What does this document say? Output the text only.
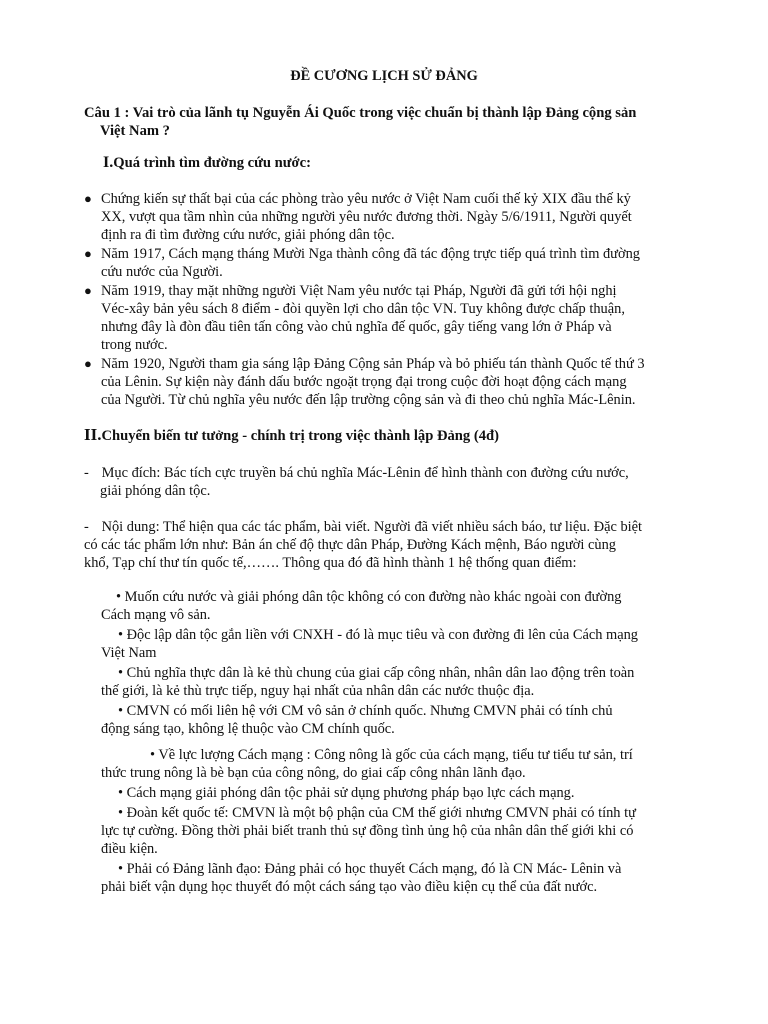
ĐỀ CƯƠNG LỊCH SỬ ĐẢNG
Câu 1 : Vai trò của lãnh tụ Nguyễn Ái Quốc trong việc chuẩn bị thành lập Đảng cộng sản
Việt Nam ?
I.Quá trình tìm đường cứu nước:
● Chứng kiến sự thất bại của các phòng trào yêu nước ở Việt Nam cuối thế kỷ XIX đầu thế kỷ
XX, vượt qua tầm nhìn của những người yêu nước đương thời. Ngày 5/6/1911, Người quyết
định ra đi tìm đường cứu nước, giải phóng dân tộc.
● Năm 1917, Cách mạng tháng Mười Nga thành công đã tác động trực tiếp quá trình tìm đường
cứu nước của Người.
● Năm 1919, thay mặt những người Việt Nam yêu nước tại Pháp, Người đã gửi tới hội nghị
Véc-xây bản yêu sách 8 điểm - đòi quyền lợi cho dân tộc VN. Tuy không được chấp thuận,
nhưng đây là đòn đầu tiên tấn công vào chủ nghĩa đế quốc, gây tiếng vang lớn ở Pháp và
trong nước.
● Năm 1920, Người tham gia sáng lập Đảng Cộng sản Pháp và bỏ phiếu tán thành Quốc tế thứ 3
của Lênin. Sự kiện này đánh dấu bước ngoặt trọng đại trong cuộc đời hoạt động cách mạng
của Người. Từ chủ nghĩa yêu nước đến lập trường cộng sản và đi theo chủ nghĩa Mác-Lênin.
II.Chuyển biến tư tưởng - chính trị trong việc thành lập Đảng (4đ)
- Mục đích: Bác tích cực truyền bá chủ nghĩa Mác-Lênin để hình thành con đường cứu nước,
giải phóng dân tộc.
- Nội dung: Thể hiện qua các tác phẩm, bài viết. Người đã viết nhiều sách báo, tư liệu. Đặc biệt
có các tác phẩm lớn như: Bản án chế độ thực dân Pháp, Đường Kách mệnh, Báo người cùng
khổ, Tạp chí thư tín quốc tế,……. Thông qua đó đã hình thành 1 hệ thống quan điểm:
• Muốn cứu nước và giải phóng dân tộc không có con đường nào khác ngoài con đường
Cách mạng vô sản.
• Độc lập dân tộc gắn liền với CNXH - đó là mục tiêu và con đường đi lên của Cách mạng
Việt Nam
• Chủ nghĩa thực dân là kẻ thù chung của giai cấp công nhân, nhân dân lao động trên toàn
thế giới, là kẻ thù trực tiếp, nguy hại nhất của nhân dân các nước thuộc địa.
• CMVN có mối liên hệ với CM vô sản ở chính quốc. Nhưng CMVN phải có tính chủ
động sáng tạo, không lệ thuộc vào CM chính quốc.
• Về lực lượng Cách mạng : Công nông là gốc của cách mạng, tiểu tư tiểu tư sản, trí
thức trung nông là bè bạn của công nông, do giai cấp công nhân lãnh đạo.
• Cách mạng giải phóng dân tộc phải sử dụng phương pháp bạo lực cách mạng.
• Đoàn kết quốc tế: CMVN là một bộ phận của CM thế giới nhưng CMVN phải có tính tự
lực tự cường. Đồng thời phải biết tranh thủ sự đồng tình ủng hộ của nhân dân thế giới khi có
điều kiện.
• Phải có Đảng lãnh đạo: Đảng phải có học thuyết Cách mạng, đó là CN Mác- Lênin và
phải biết vận dụng học thuyết đó một cách sáng tạo vào điều kiện cụ thể của đất nước.
